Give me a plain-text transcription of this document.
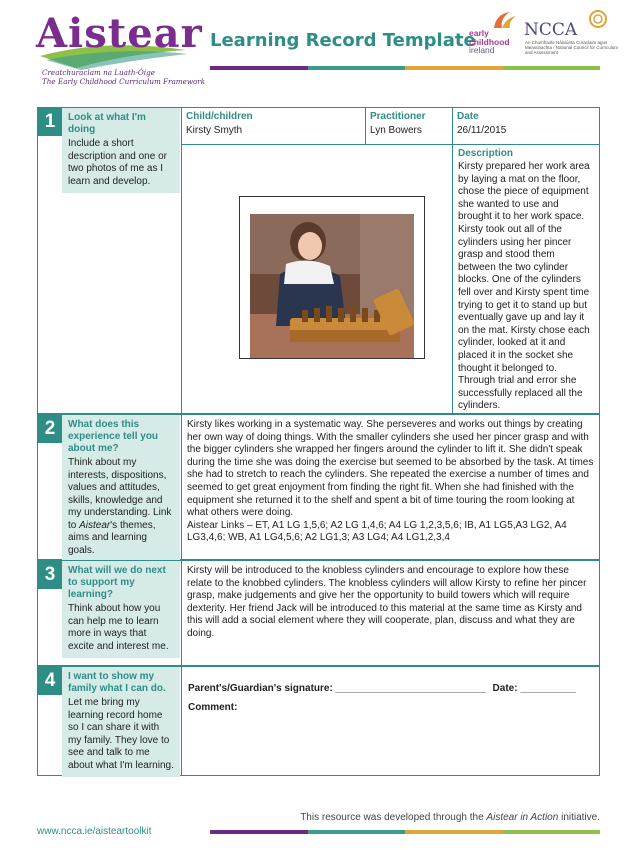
Aistear
Creatchuraclam na Luath-Óige
The Early Childhood Curriculum Framework
Learning Record Template
early
childhood
ireland
NCCA
An Chomhairle Náisiúnta Curaclaim agus Measúnachta / National Council for Curriculum and Assessment
1	Look at what I'm doing
Include a short description and one or two photos of me as I learn and develop.
Child/children
Kirsty Smyth
Practitioner
Lyn Bowers
Date
26/11/2015
Description
Kirsty prepared her work area by laying a mat on the floor, chose the piece of equipment she wanted to use and brought it to her work space. Kirsty took out all of the cylinders using her pincer grasp and stood them between the two cylinder blocks. One of the cylinders fell over and Kirsty spent time trying to get it to stand up but eventually gave up and lay it on the mat. Kirsty chose each cylinder, looked at it and placed it in the socket she thought it belonged to. Through trial and error she successfully replaced all the cylinders.
2	What does this experience tell you about me?
Think about my interests, dispositions, values and attitudes, skills, knowledge and my understanding. Link to Aistear's themes, aims and learning goals.
Kirsty likes working in a systematic way. She perseveres and works out things by creating her own way of doing things. With the smaller cylinders she used her pincer grasp and with the bigger cylinders she wrapped her fingers around the cylinder to lift it. She didn't speak during the time she was doing the exercise but seemed to be absorbed by the task. At times she had to stretch to reach the cylinders. She repeated the exercise a number of times and seemed to get great enjoyment from finding the right fit. When she had finished with the equipment she returned it to the shelf and spent a bit of time touring the room looking at what others were doing.
Aistear Links – ET, A1 LG 1,5,6; A2 LG 1,4,6; A4 LG 1,2,3,5,6; IB, A1 LG5,A3 LG2, A4 LG3,4,6; WB, A1 LG4,5,6; A2 LG1,3; A3 LG4; A4 LG1,2,3,4
3	What will we do next to support my learning?
Think about how you can help me to learn more in ways that excite and interest me.
Kirsty will be introduced to the knobless cylinders and encourage to explore how these relate to the knobbed cylinders. The knobless cylinders will allow Kirsty to refine her pincer grasp, make judgements and give her the opportunity to build towers which will require dexterity. Her friend Jack will be introduced to this material at the same time as Kirsty and this will add a social element where they will cooperate, plan, discuss and what they are doing.
4	I want to show my family what I can do.
Let me bring my learning record home so I can share it with my family. They love to see and talk to me about what I'm learning.
Parent's/Guardian's signature: ___________________________ Date: __________
Comment:
This resource was developed through the Aistear in Action initiative.
www.ncca.ie/aisteartoolkit
